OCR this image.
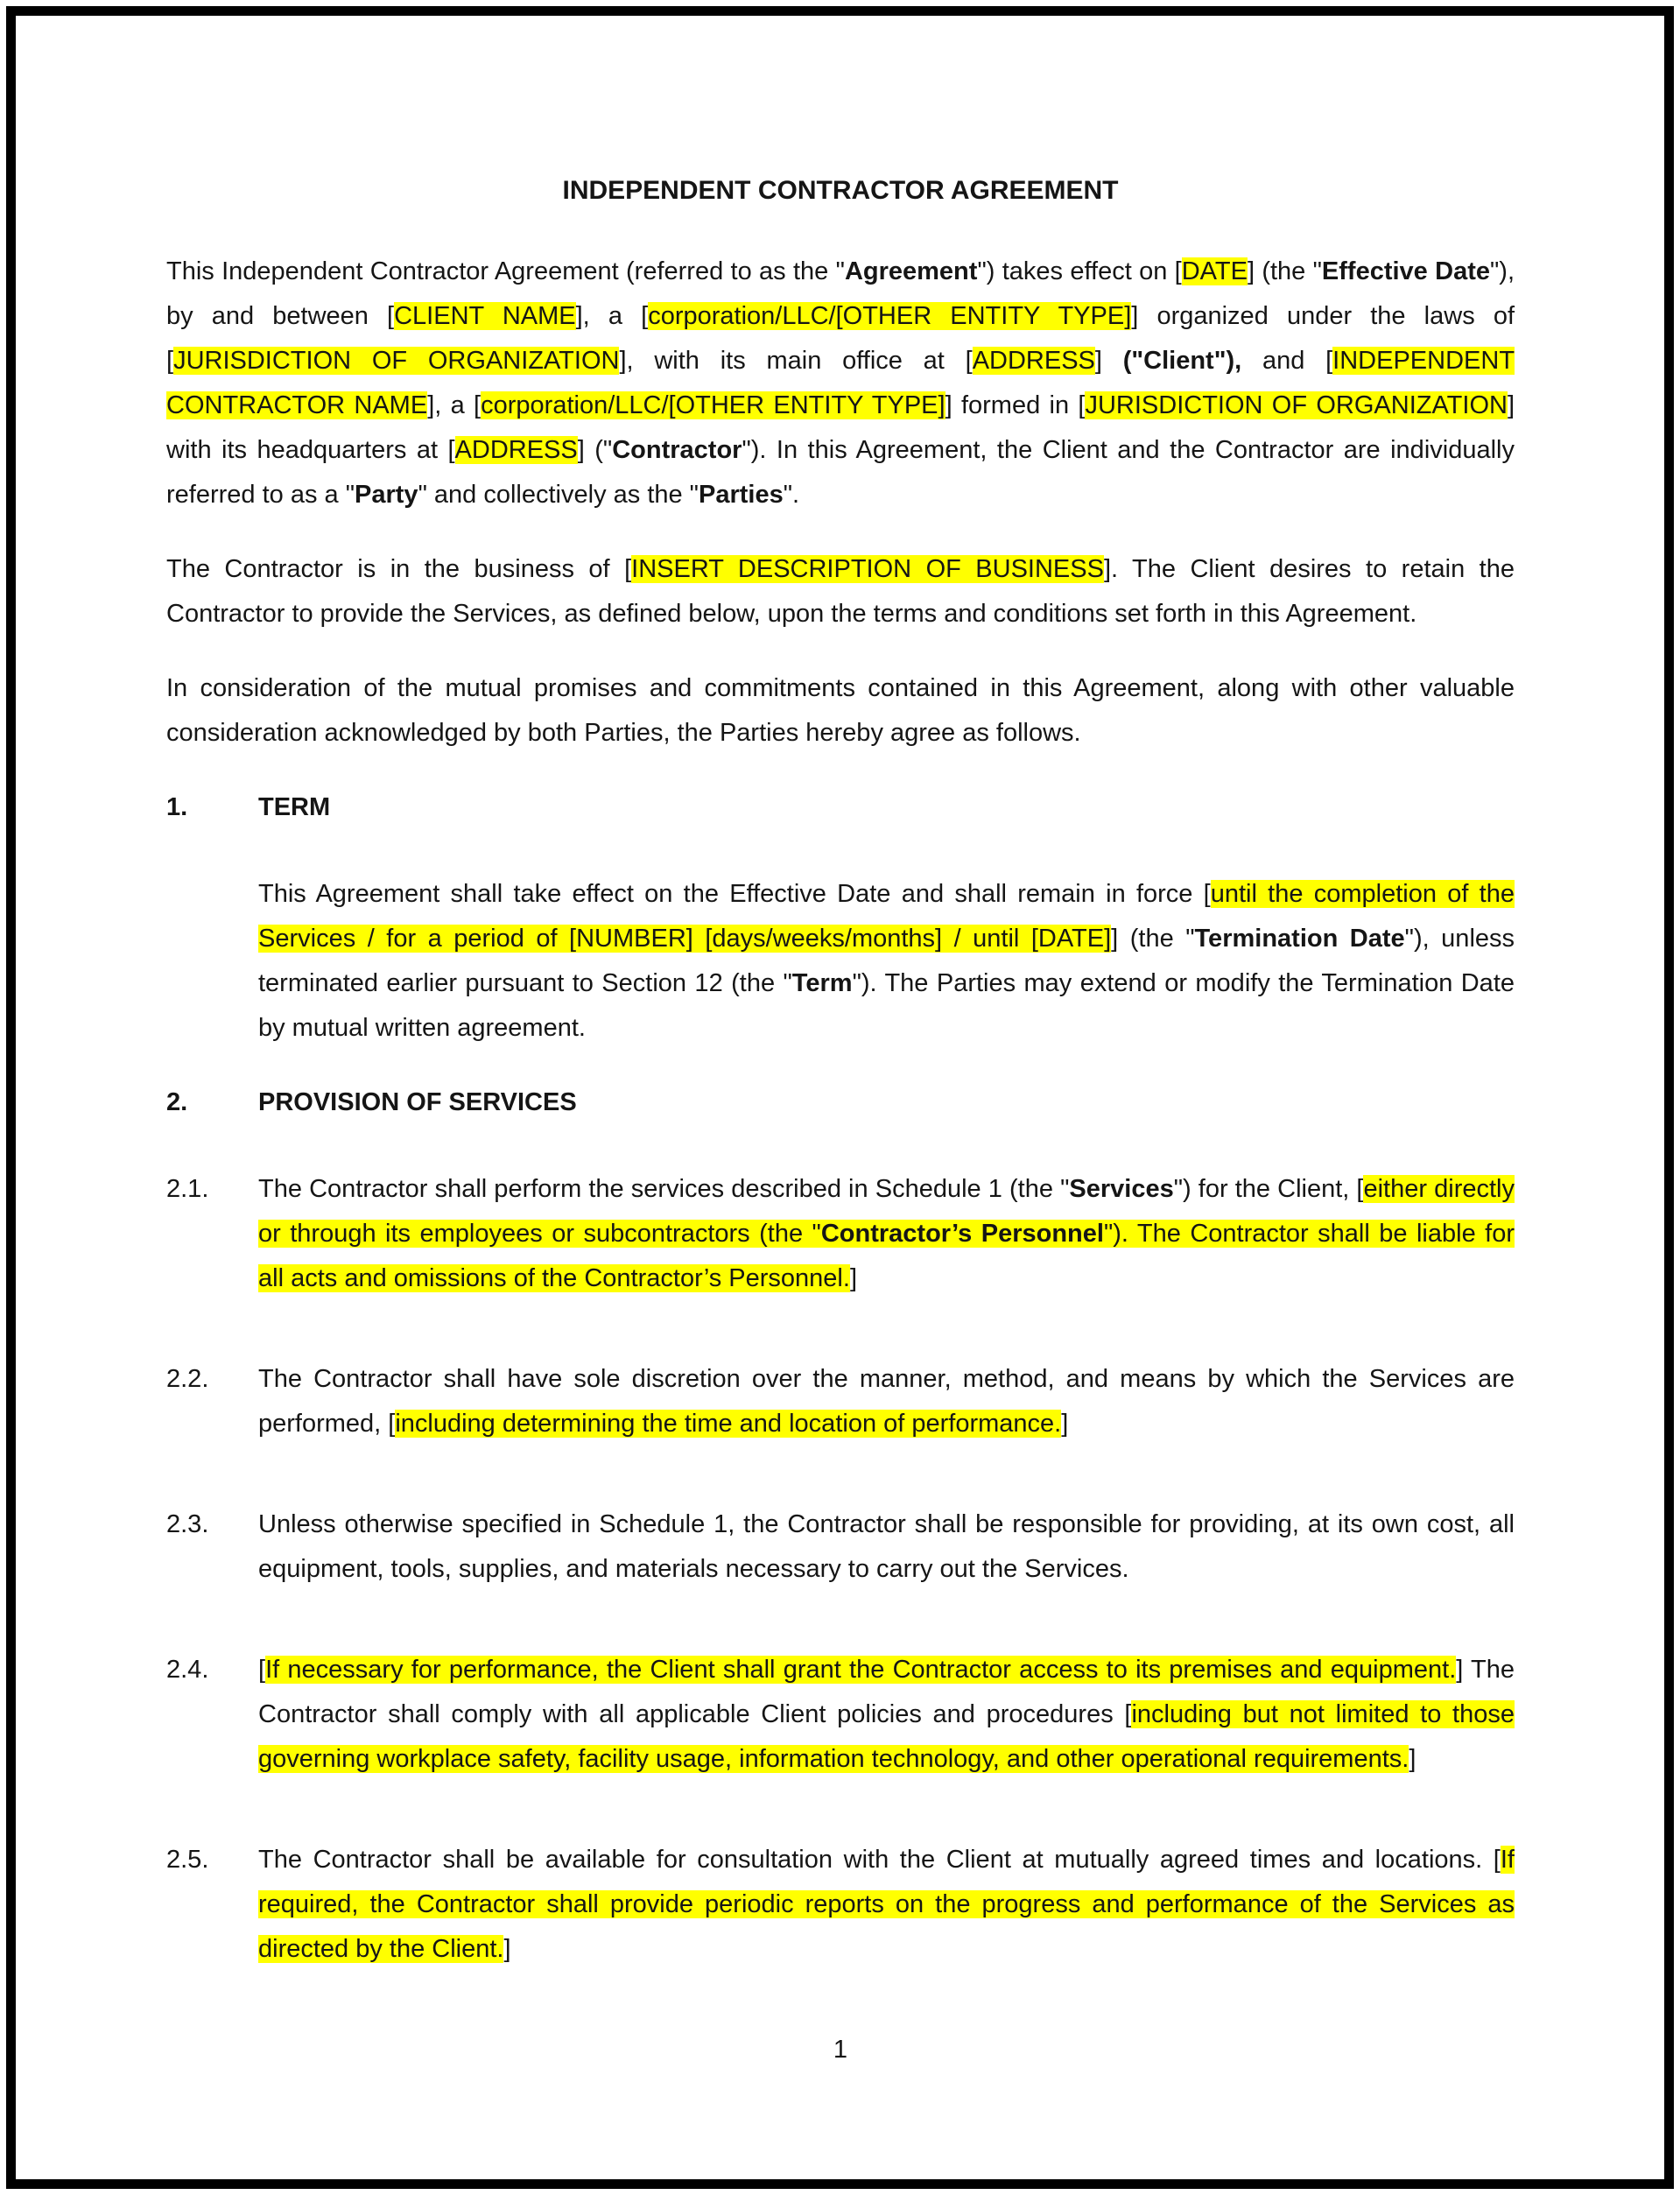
INDEPENDENT CONTRACTOR AGREEMENT

This Independent Contractor Agreement (referred to as the "Agreement") takes effect on [DATE] (the "Effective Date"), by and between [CLIENT NAME], a [corporation/LLC/[OTHER ENTITY TYPE]] organized under the laws of [JURISDICTION OF ORGANIZATION], with its main office at [ADDRESS] ("Client"), and [INDEPENDENT CONTRACTOR NAME], a [corporation/LLC/[OTHER ENTITY TYPE]] formed in [JURISDICTION OF ORGANIZATION] with its headquarters at [ADDRESS] ("Contractor"). In this Agreement, the Client and the Contractor are individually referred to as a "Party" and collectively as the "Parties".

The Contractor is in the business of [INSERT DESCRIPTION OF BUSINESS]. The Client desires to retain the Contractor to provide the Services, as defined below, upon the terms and conditions set forth in this Agreement.

In consideration of the mutual promises and commitments contained in this Agreement, along with other valuable consideration acknowledged by both Parties, the Parties hereby agree as follows.

1.	TERM

This Agreement shall take effect on the Effective Date and shall remain in force [until the completion of the Services / for a period of [NUMBER] [days/weeks/months] / until [DATE]] (the "Termination Date"), unless terminated earlier pursuant to Section 12 (the "Term"). The Parties may extend or modify the Termination Date by mutual written agreement.

2.	PROVISION OF SERVICES

2.1.	The Contractor shall perform the services described in Schedule 1 (the "Services") for the Client, [either directly or through its employees or subcontractors (the "Contractor’s Personnel"). The Contractor shall be liable for all acts and omissions of the Contractor’s Personnel.]

2.2.	The Contractor shall have sole discretion over the manner, method, and means by which the Services are performed, [including determining the time and location of performance.]

2.3.	Unless otherwise specified in Schedule 1, the Contractor shall be responsible for providing, at its own cost, all equipment, tools, supplies, and materials necessary to carry out the Services.

2.4.	[If necessary for performance, the Client shall grant the Contractor access to its premises and equipment.] The Contractor shall comply with all applicable Client policies and procedures [including but not limited to those governing workplace safety, facility usage, information technology, and other operational requirements.]

2.5.	The Contractor shall be available for consultation with the Client at mutually agreed times and locations. [If required, the Contractor shall provide periodic reports on the progress and performance of the Services as directed by the Client.]

1
